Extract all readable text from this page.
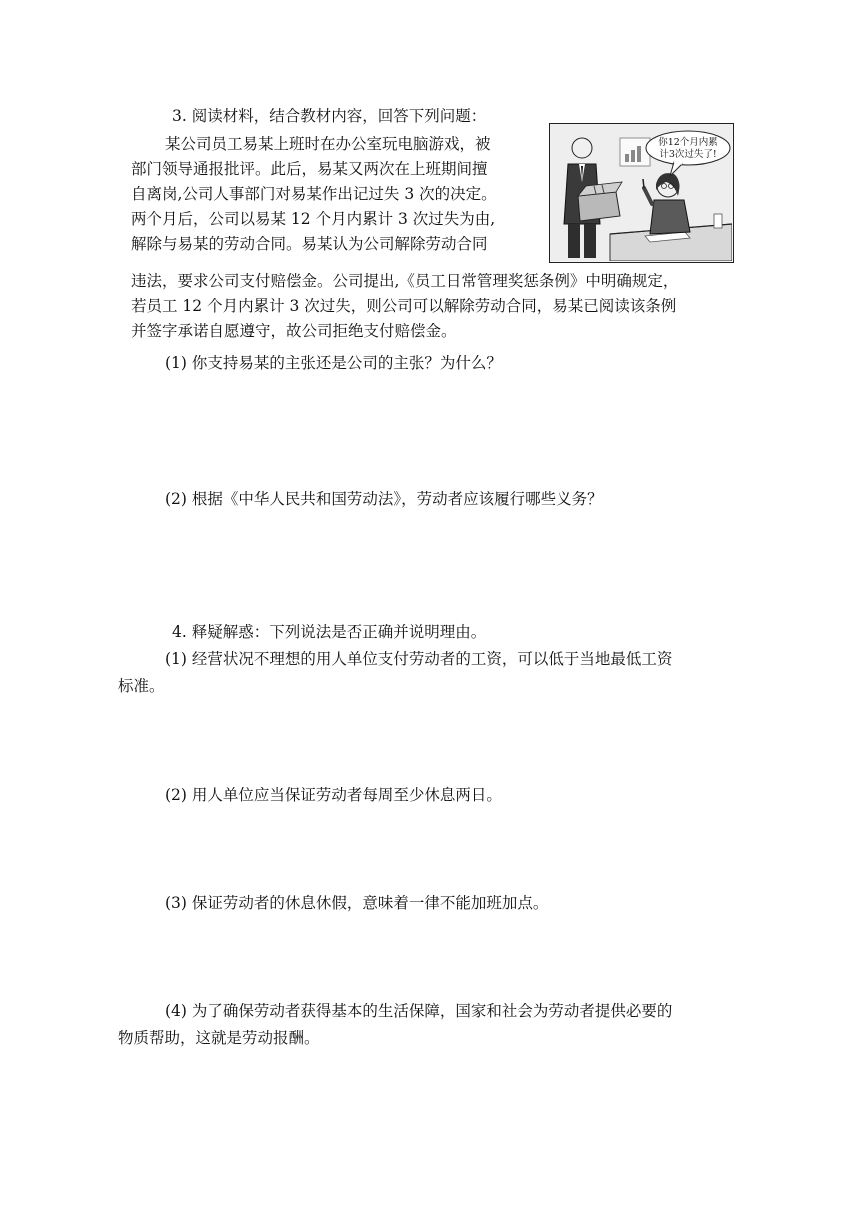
3. 阅读材料，结合教材内容，回答下列问题：
某公司员工易某上班时在办公室玩电脑游戏，被
部门领导通报批评。此后，易某又两次在上班期间擅
自离岗,公司人事部门对易某作出记过失 3 次的决定。
两个月后，公司以易某 12 个月内累计 3 次过失为由,
解除与易某的劳动合同。易某认为公司解除劳动合同
违法，要求公司支付赔偿金。公司提出,《员工日常管理奖惩条例》中明确规定，
若员工 12 个月内累计 3 次过失，则公司可以解除劳动合同，易某已阅读该条例
并签字承诺自愿遵守，故公司拒绝支付赔偿金。
你12个月内累
计3次过失了!
(1) 你支持易某的主张还是公司的主张？为什么？
(2) 根据《中华人民共和国劳动法》，劳动者应该履行哪些义务？
4. 释疑解惑：下列说法是否正确并说明理由。
(1) 经营状况不理想的用人单位支付劳动者的工资，可以低于当地最低工资
标准。
(2) 用人单位应当保证劳动者每周至少休息两日。
(3) 保证劳动者的休息休假，意味着一律不能加班加点。
(4) 为了确保劳动者获得基本的生活保障，国家和社会为劳动者提供必要的
物质帮助，这就是劳动报酬。
